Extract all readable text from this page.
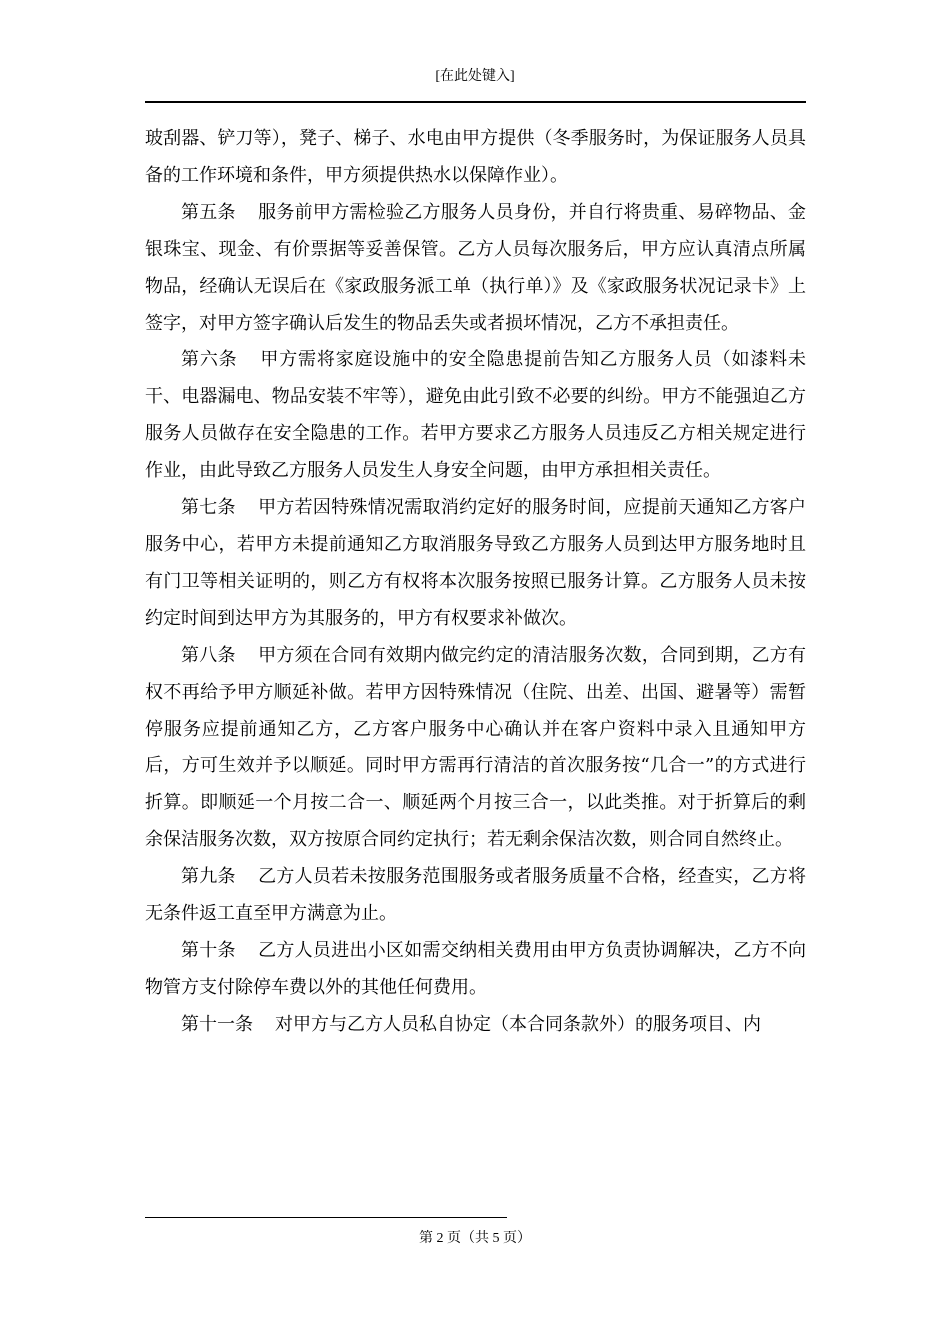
[在此处键入]

玻刮器、铲刀等），凳子、梯子、水电由甲方提供（冬季服务时，为保证服务人员具备的工作环境和条件，甲方须提供热水以保障作业）。

第五条 服务前甲方需检验乙方服务人员身份，并自行将贵重、易碎物品、金银珠宝、现金、有价票据等妥善保管。乙方人员每次服务后，甲方应认真清点所属物品，经确认无误后在《家政服务派工单（执行单）》及《家政服务状况记录卡》上签字，对甲方签字确认后发生的物品丢失或者损坏情况，乙方不承担责任。

第六条 甲方需将家庭设施中的安全隐患提前告知乙方服务人员（如漆料未干、电器漏电、物品安装不牢等），避免由此引致不必要的纠纷。甲方不能强迫乙方服务人员做存在安全隐患的工作。若甲方要求乙方服务人员违反乙方相关规定进行作业，由此导致乙方服务人员发生人身安全问题，由甲方承担相关责任。

第七条 甲方若因特殊情况需取消约定好的服务时间，应提前天通知乙方客户服务中心，若甲方未提前通知乙方取消服务导致乙方服务人员到达甲方服务地时且有门卫等相关证明的，则乙方有权将本次服务按照已服务计算。乙方服务人员未按约定时间到达甲方为其服务的，甲方有权要求补做次。

第八条 甲方须在合同有效期内做完约定的清洁服务次数，合同到期，乙方有权不再给予甲方顺延补做。若甲方因特殊情况（住院、出差、出国、避暑等）需暂停服务应提前通知乙方，乙方客户服务中心确认并在客户资料中录入且通知甲方后，方可生效并予以顺延。同时甲方需再行清洁的首次服务按“几合一”的方式进行折算。即顺延一个月按二合一、顺延两个月按三合一，以此类推。对于折算后的剩余保洁服务次数，双方按原合同约定执行；若无剩余保洁次数，则合同自然终止。

第九条 乙方人员若未按服务范围服务或者服务质量不合格，经查实，乙方将无条件返工直至甲方满意为止。

第十条 乙方人员进出小区如需交纳相关费用由甲方负责协调解决，乙方不向物管方支付除停车费以外的其他任何费用。

第十一条 对甲方与乙方人员私自协定（本合同条款外）的服务项目、内

第 2 页（共 5 页）
